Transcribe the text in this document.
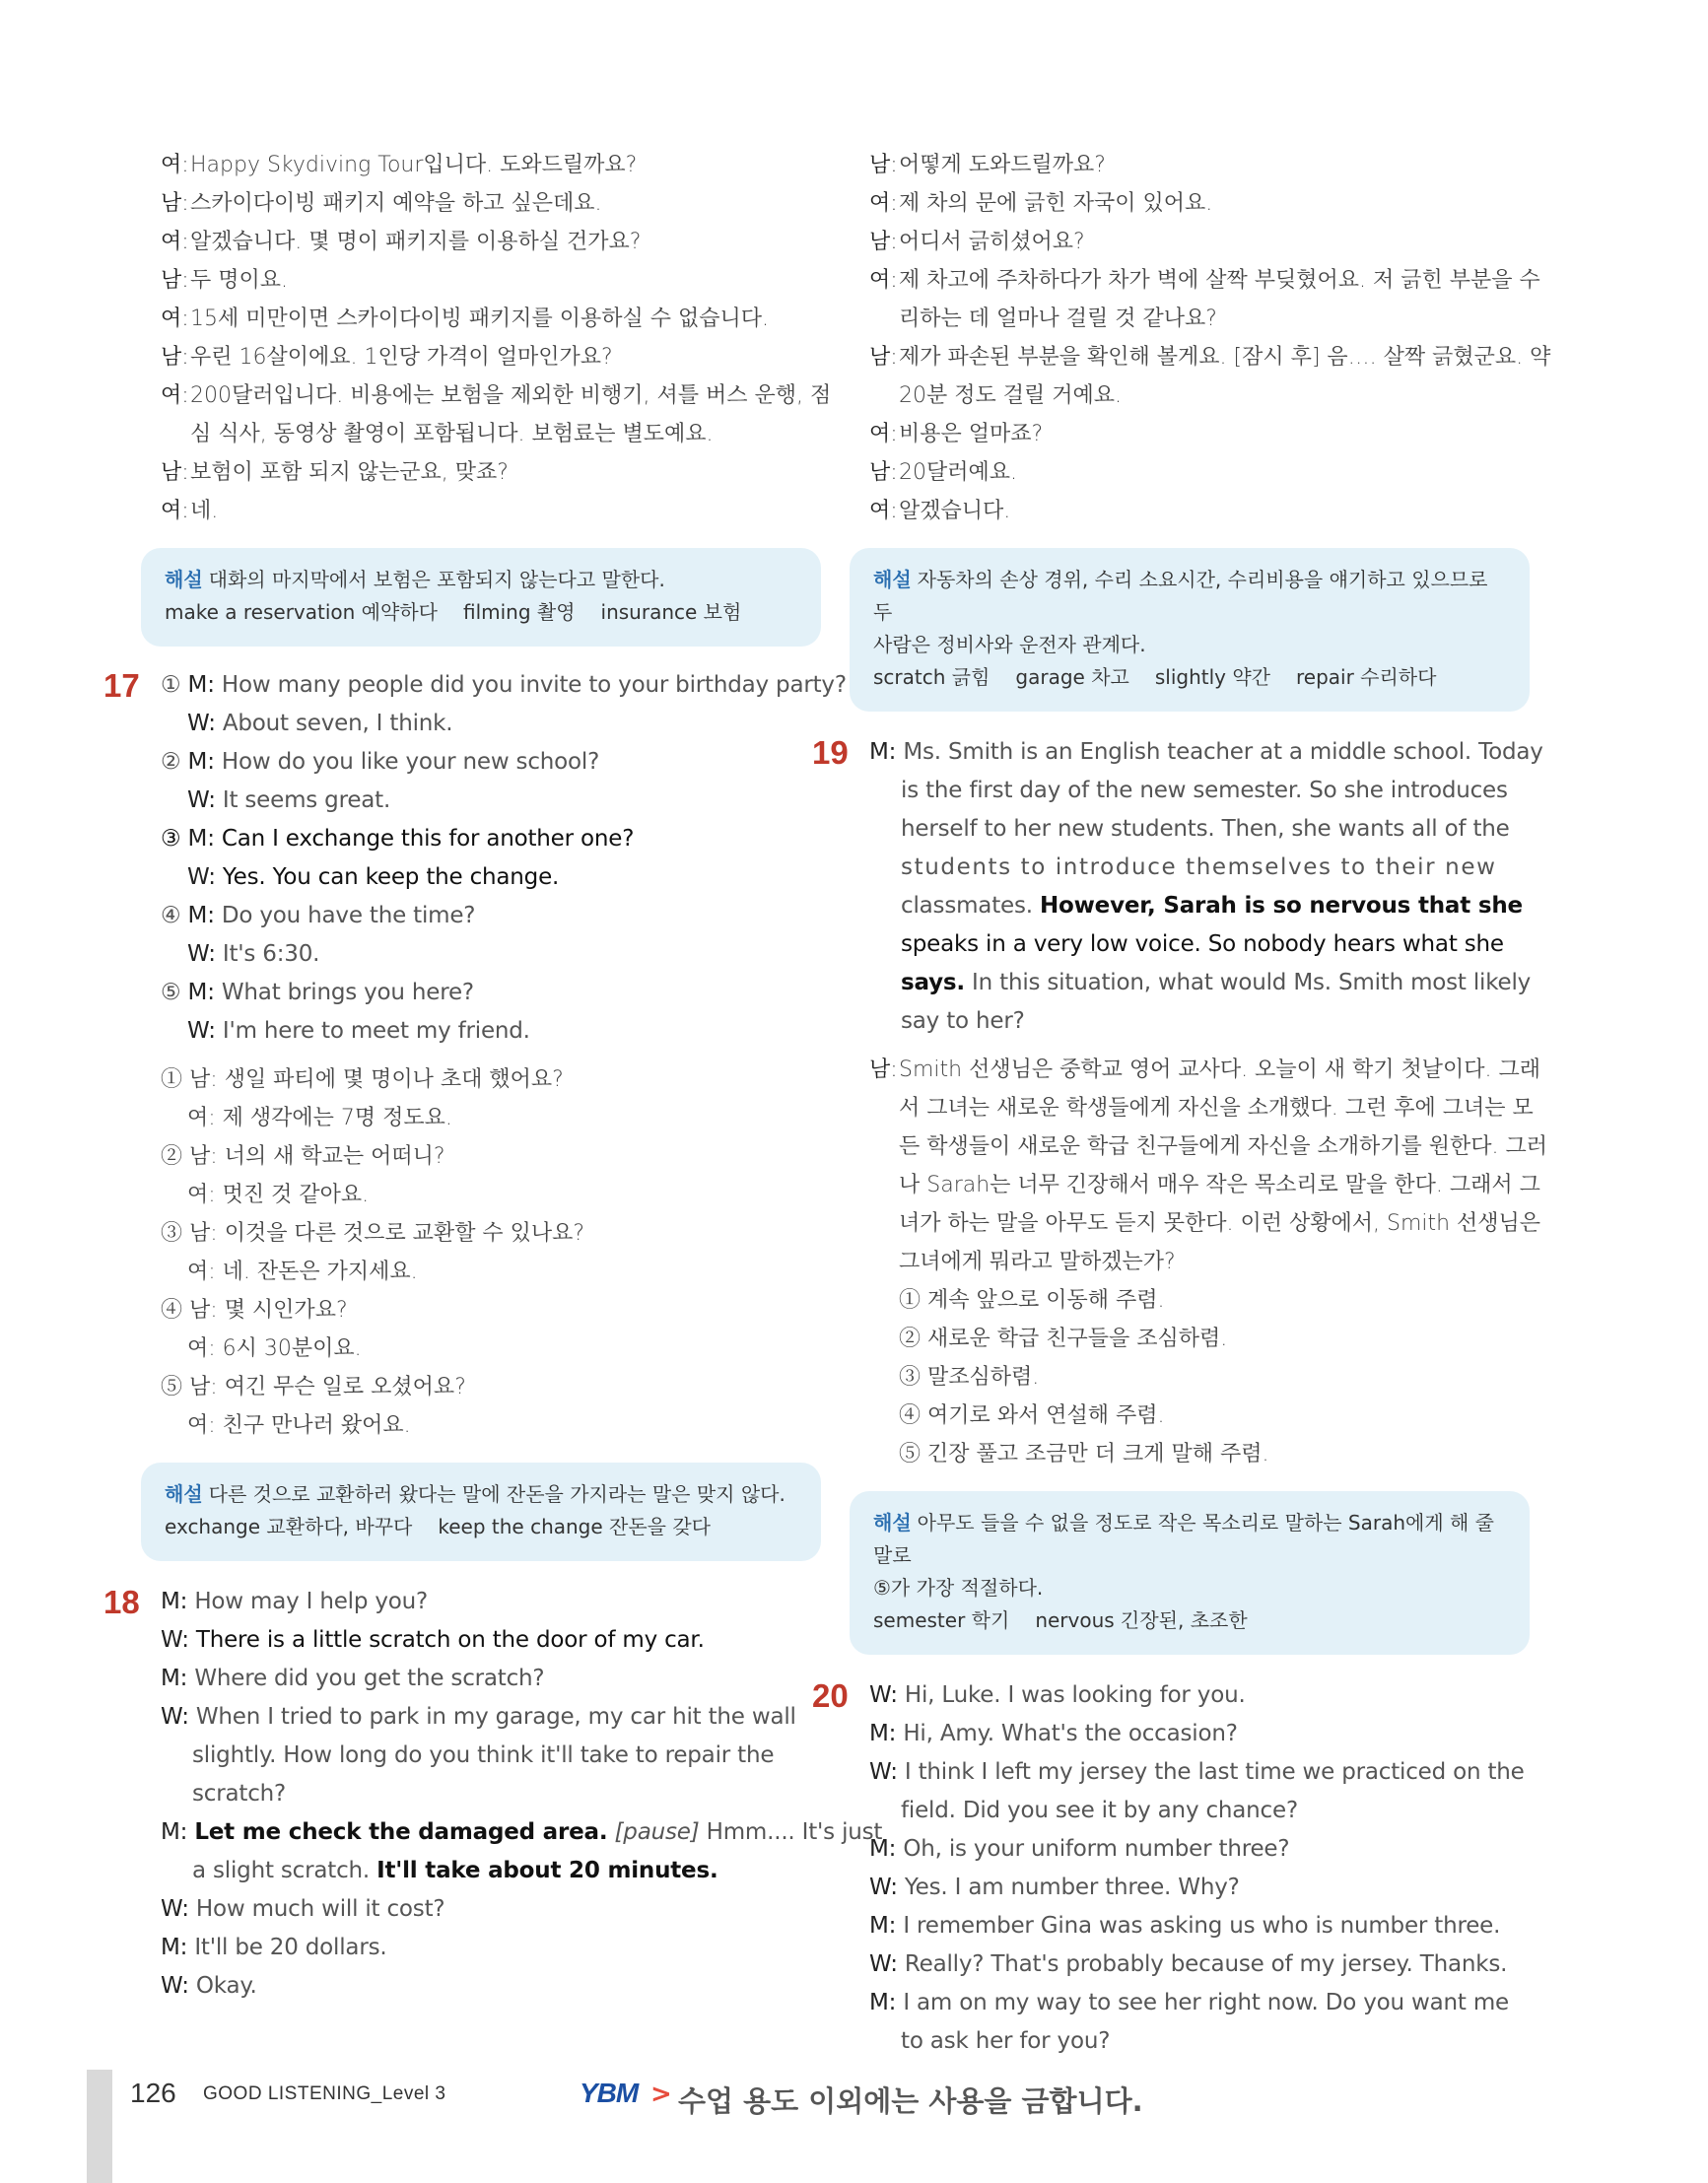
여:Happy Skydiving Tour입니다. 도와드릴까요?
남:스카이다이빙 패키지 예약을 하고 싶은데요.
여:알겠습니다. 몇 명이 패키지를 이용하실 건가요?
남:두 명이요.
여:15세 미만이면 스카이다이빙 패키지를 이용하실 수 없습니다.
남:우린 16살이에요. 1인당 가격이 얼마인가요?
여:200달러입니다. 비용에는 보험을 제외한 비행기, 셔틀 버스 운행, 점
심 식사, 동영상 촬영이 포함됩니다. 보험료는 별도예요.
남:보험이 포함 되지 않는군요, 맞죠?
여:네.
해설 대화의 마지막에서 보험은 포함되지 않는다고 말한다.
make a reservation 예약하다 filming 촬영 insurance 보험
17 ① M: How many people did you invite to your birthday party?
W: About seven, I think.
② M: How do you like your new school?
W: It seems great.
③ M: Can I exchange this for another one?
W: Yes. You can keep the change.
④ M: Do you have the time?
W: It's 6:30.
⑤ M: What brings you here?
W: I'm here to meet my friend.
① 남: 생일 파티에 몇 명이나 초대 했어요?
여: 제 생각에는 7명 정도요.
② 남: 너의 새 학교는 어떠니?
여: 멋진 것 같아요.
③ 남: 이것을 다른 것으로 교환할 수 있나요?
여: 네. 잔돈은 가지세요.
④ 남: 몇 시인가요?
여: 6시 30분이요.
⑤ 남: 여긴 무슨 일로 오셨어요?
여: 친구 만나러 왔어요.
해설 다른 것으로 교환하러 왔다는 말에 잔돈을 가지라는 말은 맞지 않다.
exchange 교환하다, 바꾸다 keep the change 잔돈을 갖다
18 M: How may I help you?
W: There is a little scratch on the door of my car.
M: Where did you get the scratch?
W: When I tried to park in my garage, my car hit the wall
slightly. How long do you think it'll take to repair the
scratch?
M: Let me check the damaged area. [pause] Hmm.... It's just
a slight scratch. It'll take about 20 minutes.
W: How much will it cost?
M: It'll be 20 dollars.
W: Okay.
남:어떻게 도와드릴까요?
여:제 차의 문에 긁힌 자국이 있어요.
남:어디서 긁히셨어요?
여:제 차고에 주차하다가 차가 벽에 살짝 부딪혔어요. 저 긁힌 부분을 수
리하는 데 얼마나 걸릴 것 같나요?
남:제가 파손된 부분을 확인해 볼게요. [잠시 후] 음…. 살짝 긁혔군요. 약
20분 정도 걸릴 거예요.
여:비용은 얼마죠?
남:20달러예요.
여:알겠습니다.
해설 자동차의 손상 경위, 수리 소요시간, 수리비용을 얘기하고 있으므로 두
사람은 정비사와 운전자 관계다.
scratch 긁힘 garage 차고 slightly 약간 repair 수리하다
19 M: Ms. Smith is an English teacher at a middle school. Today
is the first day of the new semester. So she introduces
herself to her new students. Then, she wants all of the
students to introduce themselves to their new
classmates. However, Sarah is so nervous that she
speaks in a very low voice. So nobody hears what she
says. In this situation, what would Ms. Smith most likely
say to her?
남:Smith 선생님은 중학교 영어 교사다. 오늘이 새 학기 첫날이다. 그래
서 그녀는 새로운 학생들에게 자신을 소개했다. 그런 후에 그녀는 모
든 학생들이 새로운 학급 친구들에게 자신을 소개하기를 원한다. 그러
나 Sarah는 너무 긴장해서 매우 작은 목소리로 말을 한다. 그래서 그
녀가 하는 말을 아무도 듣지 못한다. 이런 상황에서, Smith 선생님은
그녀에게 뭐라고 말하겠는가?
① 계속 앞으로 이동해 주렴.
② 새로운 학급 친구들을 조심하렴.
③ 말조심하렴.
④ 여기로 와서 연설해 주렴.
⑤ 긴장 풀고 조금만 더 크게 말해 주렴.
해설 아무도 들을 수 없을 정도로 작은 목소리로 말하는 Sarah에게 해 줄 말로
⑤가 가장 적절하다.
semester 학기 nervous 긴장된, 초조한
20 W: Hi, Luke. I was looking for you.
M: Hi, Amy. What's the occasion?
W: I think I left my jersey the last time we practiced on the
field. Did you see it by any chance?
M: Oh, is your uniform number three?
W: Yes. I am number three. Why?
M: I remember Gina was asking us who is number three.
W: Really? That's probably because of my jersey. Thanks.
M: I am on my way to see her right now. Do you want me
to ask her for you?
126 GOOD LISTENING_Level 3	YBM > 수업 용도 이외에는 사용을 금합니다.
